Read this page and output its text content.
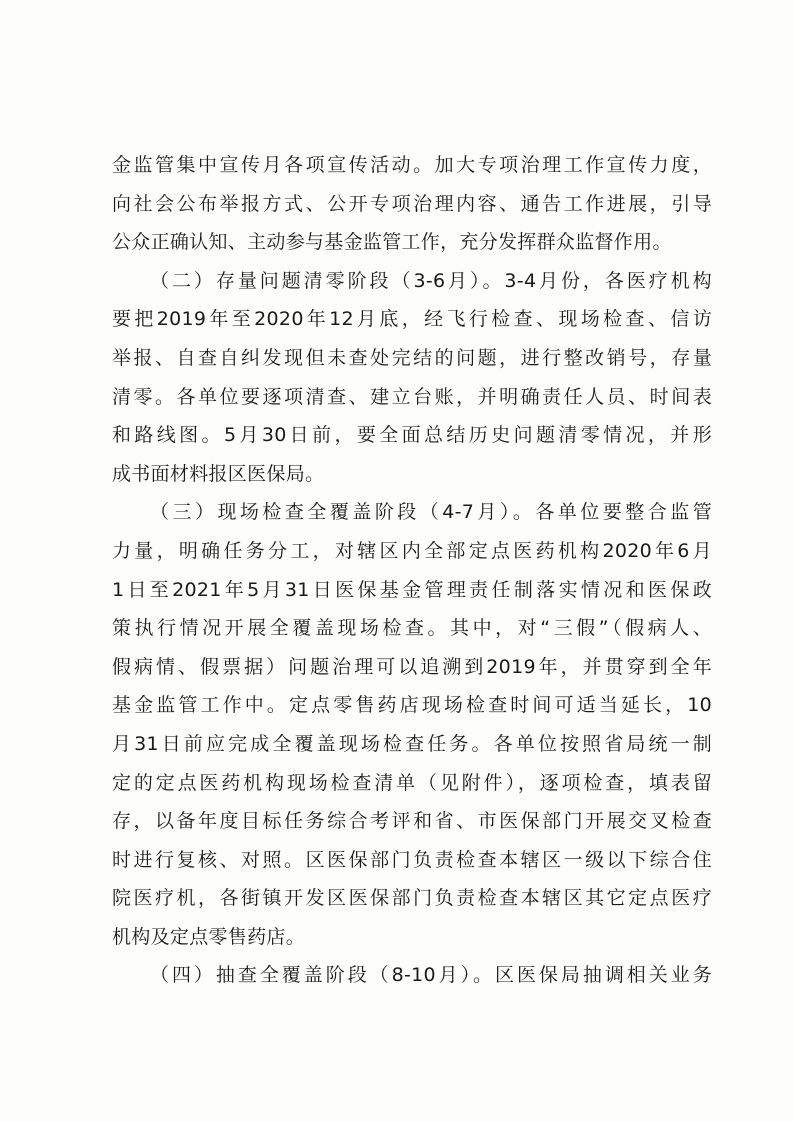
金监管集中宣传月各项宣传活动。加大专项治理工作宣传力度，
向社会公布举报方式、公开专项治理内容、通告工作进展，引导
公众正确认知、主动参与基金监管工作，充分发挥群众监督作用。
（二）存量问题清零阶段（3-6月）。3-4月份，各医疗机构
要把2019年至2020年12月底，经飞行检查、现场检查、信访
举报、自查自纠发现但未查处完结的问题，进行整改销号，存量
清零。各单位要逐项清查、建立台账，并明确责任人员、时间表
和路线图。5月30日前，要全面总结历史问题清零情况，并形
成书面材料报区医保局。
（三）现场检查全覆盖阶段（4-7月）。各单位要整合监管
力量，明确任务分工，对辖区内全部定点医药机构2020年6月
1日至2021年5月31日医保基金管理责任制落实情况和医保政
策执行情况开展全覆盖现场检查。其中，对“三假”（假病人、
假病情、假票据）问题治理可以追溯到2019年，并贯穿到全年
基金监管工作中。定点零售药店现场检查时间可适当延长，10
月31日前应完成全覆盖现场检查任务。各单位按照省局统一制
定的定点医药机构现场检查清单（见附件），逐项检查，填表留
存，以备年度目标任务综合考评和省、市医保部门开展交叉检查
时进行复核、对照。区医保部门负责检查本辖区一级以下综合住
院医疗机，各街镇开发区医保部门负责检查本辖区其它定点医疗
机构及定点零售药店。
（四）抽查全覆盖阶段（8-10月）。区医保局抽调相关业务
